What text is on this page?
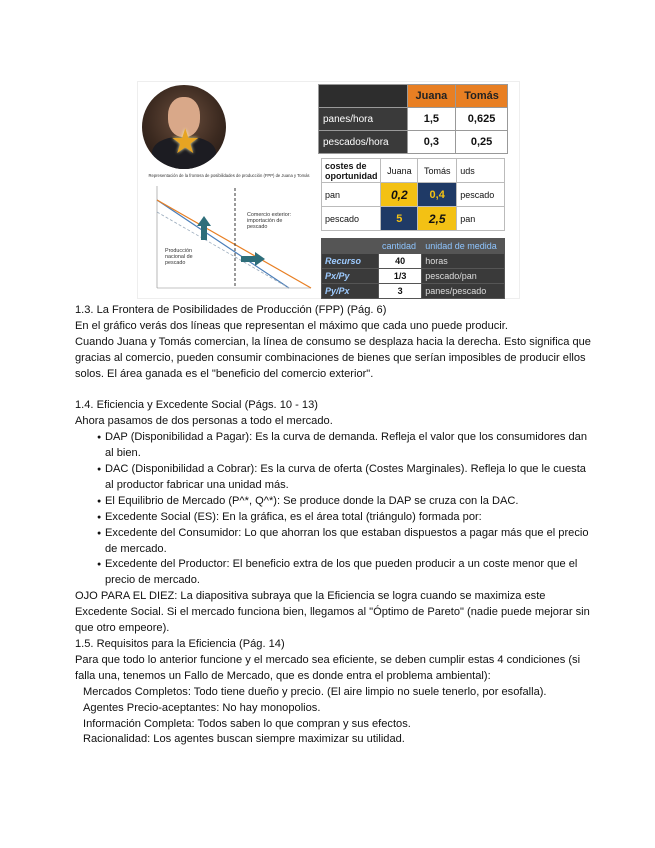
★
	Juana	Tomás
panes/hora	1,5	0,625
pescados/hora	0,3	0,25
costes de oportunidad	Juana	Tomás	uds
pan	0,2	0,4	pescado
pescado	5	2,5	pan
	cantidad	unidad de medida
Recurso	40	horas
Px/Py	1/3	pescado/pan
Py/Px	3	panes/pescado
Representación de la frontera de posibilidades de producción (FPP) de Juana y Tomás
Comercio exterior: importación de pescado
Producción nacional de pescado

1.3. La Frontera de Posibilidades de Producción (FPP) (Pág. 6)

En el gráfico verás dos líneas que representan el máximo que cada uno puede producir.

Cuando Juana y Tomás comercian, la línea de consumo se desplaza hacia la derecha. Esto significa que gracias al comercio, pueden consumir combinaciones de bienes que serían imposibles de producir ellos solos. El área ganada es el "beneficio del comercio exterior".

1.4. Eficiencia y Excedente Social (Págs. 10 - 13)

Ahora pasamos de dos personas a todo el mercado.

● DAP (Disponibilidad a Pagar): Es la curva de demanda. Refleja el valor que los consumidores dan al bien.
● DAC (Disponibilidad a Cobrar): Es la curva de oferta (Costes Marginales). Refleja lo que le cuesta al productor fabricar una unidad más.
● El Equilibrio de Mercado (P^*, Q^*): Se produce donde la DAP se cruza con la DAC.
● Excedente Social (ES): En la gráfica, es el área total (triángulo) formada por:
● Excedente del Consumidor: Lo que ahorran los que estaban dispuestos a pagar más que el precio de mercado.
● Excedente del Productor: El beneficio extra de los que pueden producir a un coste menor que el precio de mercado.

OJO PARA EL DIEZ: La diapositiva subraya que la Eficiencia se logra cuando se maximiza este Excedente Social. Si el mercado funciona bien, llegamos al "Óptimo de Pareto" (nadie puede mejorar sin que otro empeore).

1.5. Requisitos para la Eficiencia (Pág. 14)

Para que todo lo anterior funcione y el mercado sea eficiente, se deben cumplir estas 4 condiciones (si falla una, tenemos un Fallo de Mercado, que es donde entra el problema ambiental):

Mercados Completos: Todo tiene dueño y precio. (El aire limpio no suele tenerlo, por esofalla).

Agentes Precio-aceptantes: No hay monopolios.

Información Completa: Todos saben lo que compran y sus efectos.

Racionalidad: Los agentes buscan siempre maximizar su utilidad.
